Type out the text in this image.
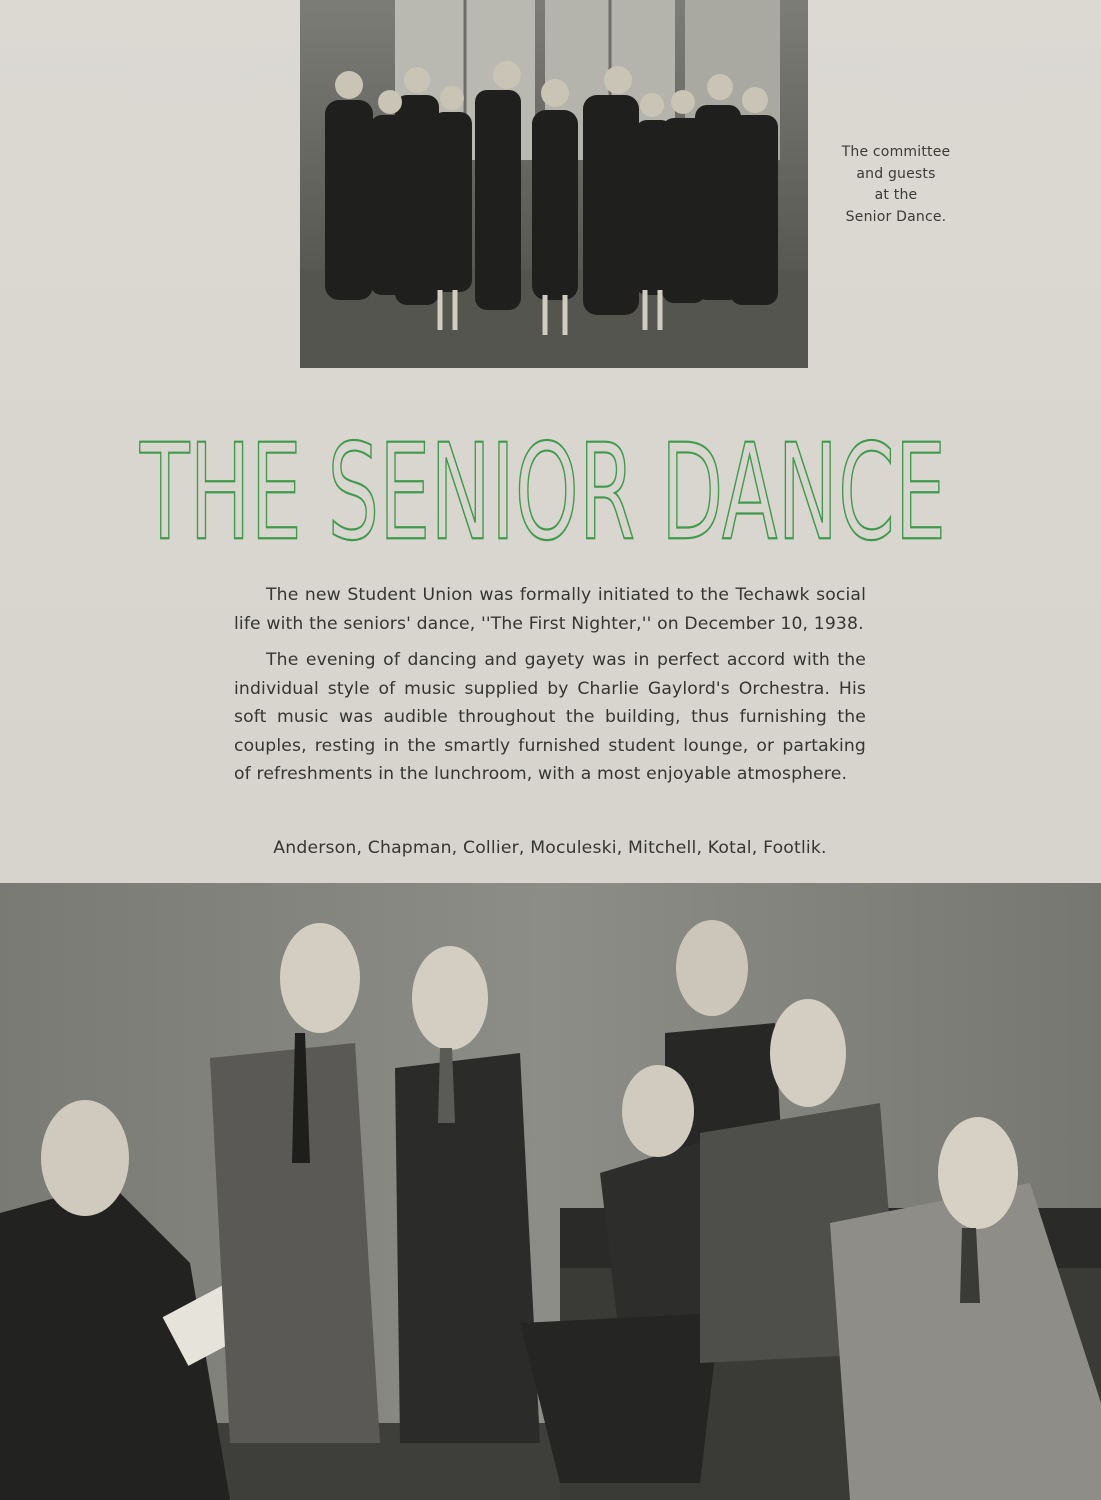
The committee
and guests
at the
Senior Dance.
THE SENIOR DANCE

The new Student Union was formally initiated to the Techawk social life with the seniors' dance, ''The First Nighter,'' on December 10, 1938.

The evening of dancing and gayety was in perfect accord with the individual style of music supplied by Charlie Gaylord's Orchestra. His soft music was audible throughout the building, thus furnishing the couples, resting in the smartly furnished student lounge, or partaking of refreshments in the lunchroom, with a most enjoyable atmosphere.

Anderson, Chapman, Collier, Moculeski, Mitchell, Kotal, Footlik.
